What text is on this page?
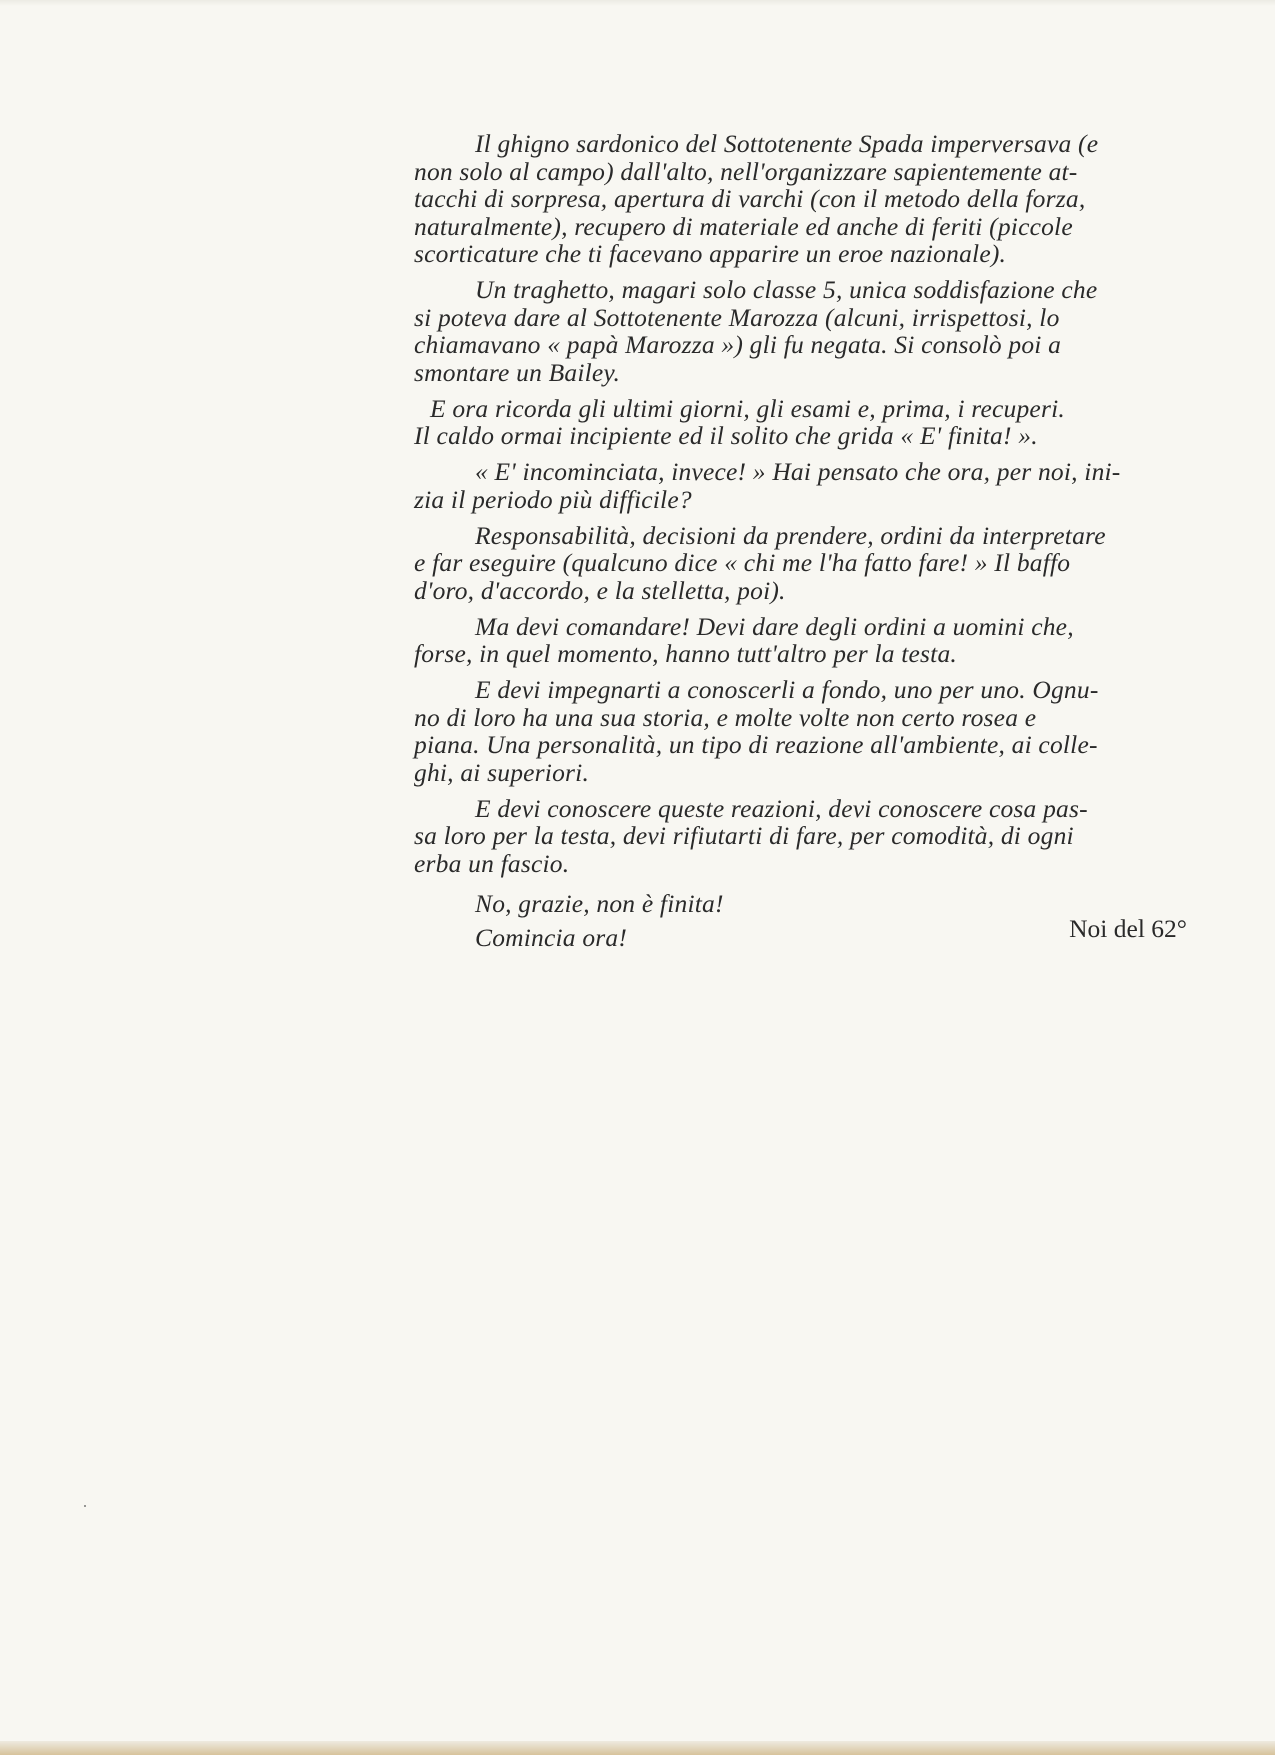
Il ghigno sardonico del Sottotenente Spada imperversava (e
non solo al campo) dall'alto, nell'organizzare sapientemente at-
tacchi di sorpresa, apertura di varchi (con il metodo della forza,
naturalmente), recupero di materiale ed anche di feriti (piccole
scorticature che ti facevano apparire un eroe nazionale).
Un traghetto, magari solo classe 5, unica soddisfazione che
si poteva dare al Sottotenente Marozza (alcuni, irrispettosi, lo
chiamavano « papà Marozza ») gli fu negata. Si consolò poi a
smontare un Bailey.
E ora ricorda gli ultimi giorni, gli esami e, prima, i recuperi.
Il caldo ormai incipiente ed il solito che grida « E' finita! ».
« E' incominciata, invece! » Hai pensato che ora, per noi, ini-
zia il periodo più difficile?
Responsabilità, decisioni da prendere, ordini da interpretare
e far eseguire (qualcuno dice « chi me l'ha fatto fare! » Il baffo
d'oro, d'accordo, e la stelletta, poi).
Ma devi comandare! Devi dare degli ordini a uomini che,
forse, in quel momento, hanno tutt'altro per la testa.
E devi impegnarti a conoscerli a fondo, uno per uno. Ognu-
no di loro ha una sua storia, e molte volte non certo rosea e
piana. Una personalità, un tipo di reazione all'ambiente, ai colle-
ghi, ai superiori.
E devi conoscere queste reazioni, devi conoscere cosa pas-
sa loro per la testa, devi rifiutarti di fare, per comodità, di ogni
erba un fascio.
No, grazie, non è finita!
Comincia ora!	Noi del 62°
